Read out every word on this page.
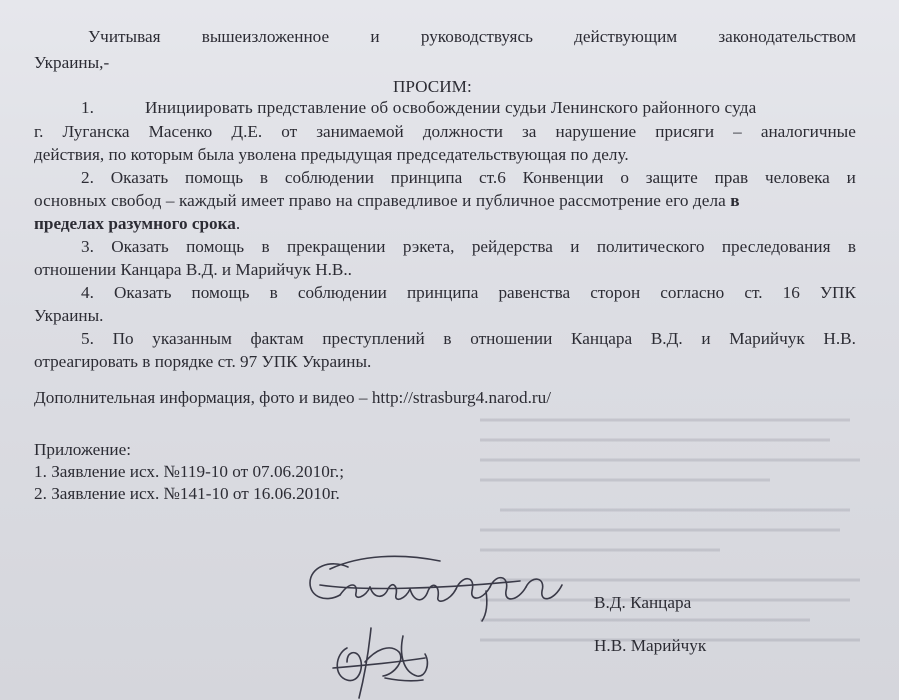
Учитывая вышеизложенное и руководствуясь действующим законодательством
Украины,-
ПРОСИМ:
1.	Инициировать представление об освобождении судьи Ленинского районного суда
г. Луганска Масенко Д.Е. от занимаемой должности за нарушение присяги – аналогичные
действия, по которым была уволена предыдущая председательствующая по делу.
2. Оказать помощь в соблюдении принципа ст.6 Конвенции о защите прав человека и
основных свобод – каждый имеет право на справедливое и публичное рассмотрение его дела в
пределах разумного срока.
3. Оказать помощь в прекращении рэкета, рейдерства и политического преследования в
отношении Канцара В.Д. и Марийчук Н.В..
4. Оказать помощь в соблюдении принципа равенства сторон согласно ст. 16 УПК
Украины.
5. По указанным фактам преступлений в отношении Канцара В.Д. и Марийчук Н.В.
отреагировать в порядке ст. 97 УПК Украины.
Дополнительная информация, фото и видео – http://strasburg4.narod.ru/
Приложение:
1. Заявление исх. №119-10 от 07.06.2010г.;
2. Заявление исх. №141-10 от 16.06.2010г.
В.Д. Канцара
Н.В. Марийчук
